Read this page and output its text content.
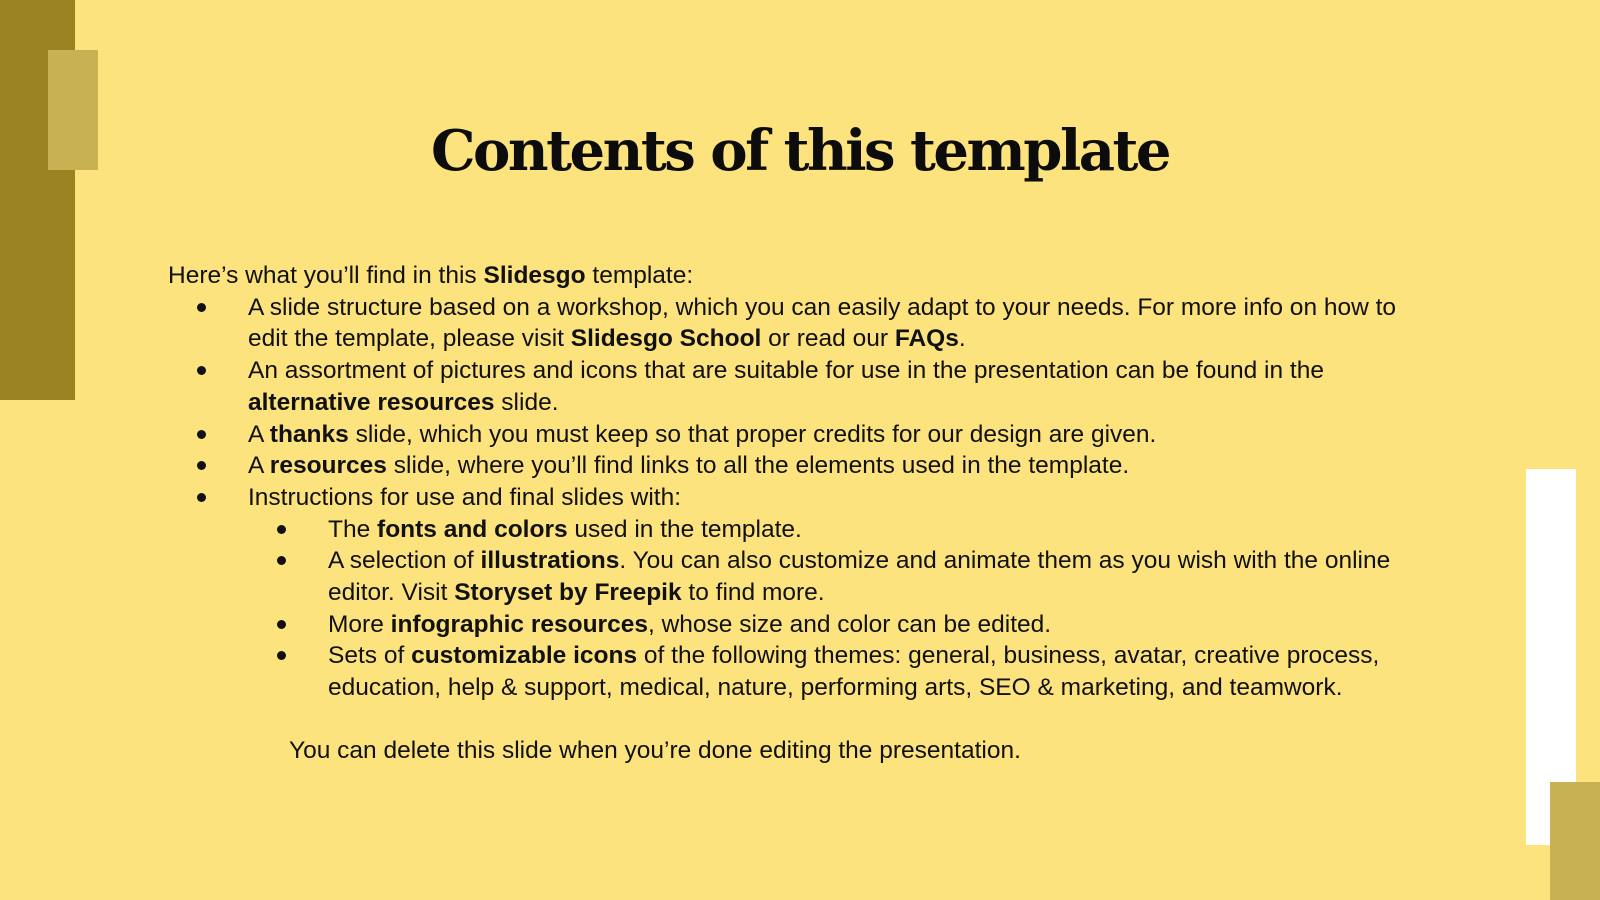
Contents of this template

Here’s what you’ll find in this Slidesgo template:

A slide structure based on a workshop, which you can easily adapt to your needs. For more info on how to edit the template, please visit Slidesgo School or read our FAQs.
An assortment of pictures and icons that are suitable for use in the presentation can be found in the alternative resources slide.
A thanks slide, which you must keep so that proper credits for our design are given.
A resources slide, where you’ll find links to all the elements used in the template.
Instructions for use and final slides with:
The fonts and colors used in the template.
A selection of illustrations. You can also customize and animate them as you wish with the online editor. Visit Storyset by Freepik to find more.
More infographic resources, whose size and color can be edited.
Sets of customizable icons of the following themes: general, business, avatar, creative process, education, help & support, medical, nature, performing arts, SEO & marketing, and teamwork.

You can delete this slide when you’re done editing the presentation.
